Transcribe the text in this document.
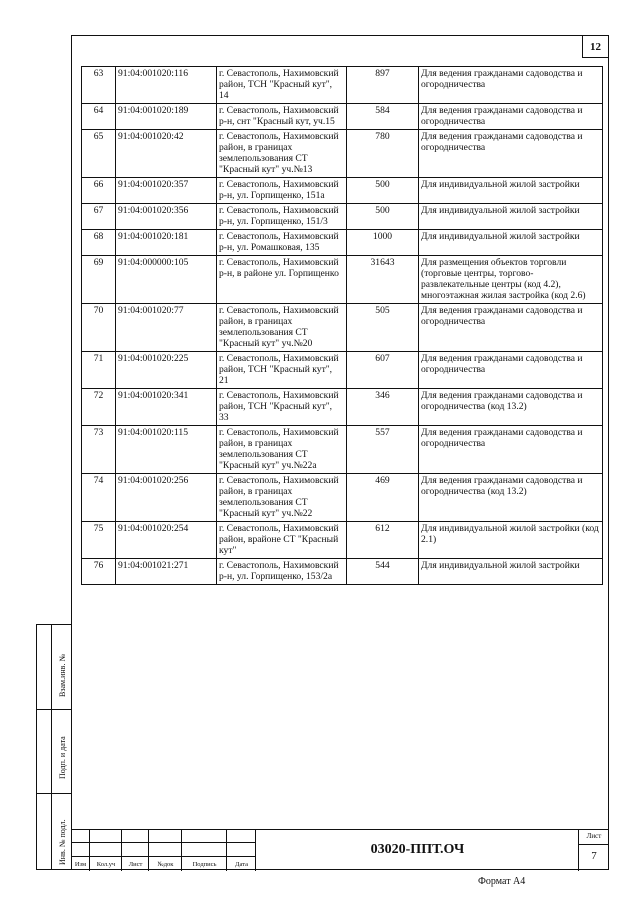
12
63	91:04:001020:116	г. Севастополь, Нахимовский район, ТСН "Красный кут", 14	897	Для ведения гражданами садоводства и огородничества
64	91:04:001020:189	г. Севастополь, Нахимовский р-н, снт "Красный кут, уч.15	584	Для ведения гражданами садоводства и огородничества
65	91:04:001020:42	г. Севастополь, Нахимовский район, в границах землепользования СТ "Красный кут" уч.№13	780	Для ведения гражданами садоводства и огородничества
66	91:04:001020:357	г. Севастополь, Нахимовский р-н, ул. Горпищенко, 151а	500	Для индивидуальной жилой застройки
67	91:04:001020:356	г. Севастополь, Нахимовский р-н, ул. Горпищенко, 151/3	500	Для индивидуальной жилой застройки
68	91:04:001020:181	г. Севастополь, Нахимовский р-н, ул. Ромашковая, 135	1000	Для индивидуальной жилой застройки
69	91:04:000000:105	г. Севастополь, Нахимовский р-н, в районе ул. Горпищенко	31643	Для размещения объектов торговли (торговые центры, торгово-развлекательные центры (код 4.2), многоэтажная жилая застройка (код 2.6)
70	91:04:001020:77	г. Севастополь, Нахимовский район, в границах землепользования СТ "Красный кут" уч.№20	505	Для ведения гражданами садоводства и огородничества
71	91:04:001020:225	г. Севастополь, Нахимовский район, ТСН "Красный кут", 21	607	Для ведения гражданами садоводства и огородничества
72	91:04:001020:341	г. Севастополь, Нахимовский район, ТСН "Красный кут", 33	346	Для ведения гражданами садоводства и огородничества (код 13.2)
73	91:04:001020:115	г. Севастополь, Нахимовский район, в границах землепользования СТ "Красный кут" уч.№22а	557	Для ведения гражданами садоводства и огородничества
74	91:04:001020:256	г. Севастополь, Нахимовский район, в границах землепользования СТ "Красный кут" уч.№22	469	Для ведения гражданами садоводства и огородничества (код 13.2)
75	91:04:001020:254	г. Севастополь, Нахимовский район, врайоне СТ "Красный кут"	612	Для индивидуальной жилой застройки (код 2.1)
76	91:04:001021:271	г. Севастополь, Нахимовский р-н, ул. Горпищенко, 153/2а	544	Для индивидуальной жилой застройки
Взам.инв. №
Подп. и дата
Инв. № подл.	Изм	Кол.уч	Лист	№док	Подпись	Дата
03020-ППТ.ОЧ
Лист
7
Формат А4
